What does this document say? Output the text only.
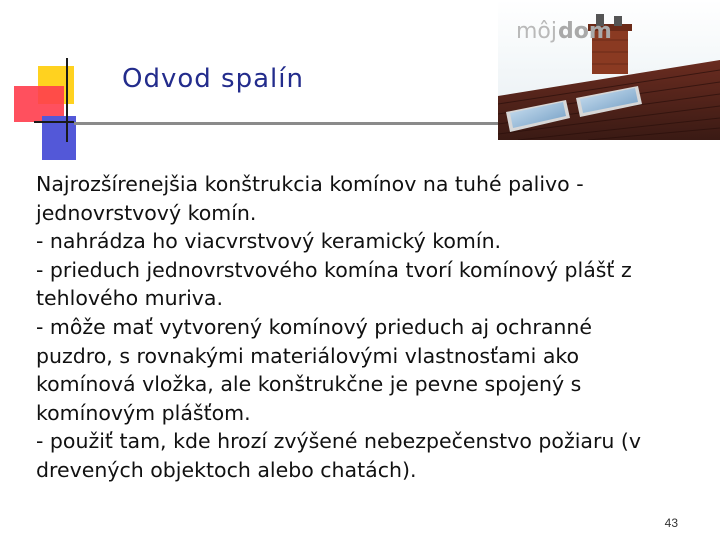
Odvod spalín
môj dom
Najrozšírenejšia konštrukcia komínov na tuhé palivo -
jednovrstvový komín.
- nahrádza ho viacvrstvový keramický komín.
- prieduch jednovrstvového komína tvorí komínový plášť z
tehlového muriva.
- môže mať vytvorený komínový prieduch aj ochranné
puzdro, s rovnakými materiálovými vlastnosťami ako
komínová vložka, ale konštrukčne je pevne spojený s
komínovým plášťom.
- použiť tam, kde hrozí zvýšené nebezpečenstvo požiaru (v
drevených objektoch alebo chatách).
43
